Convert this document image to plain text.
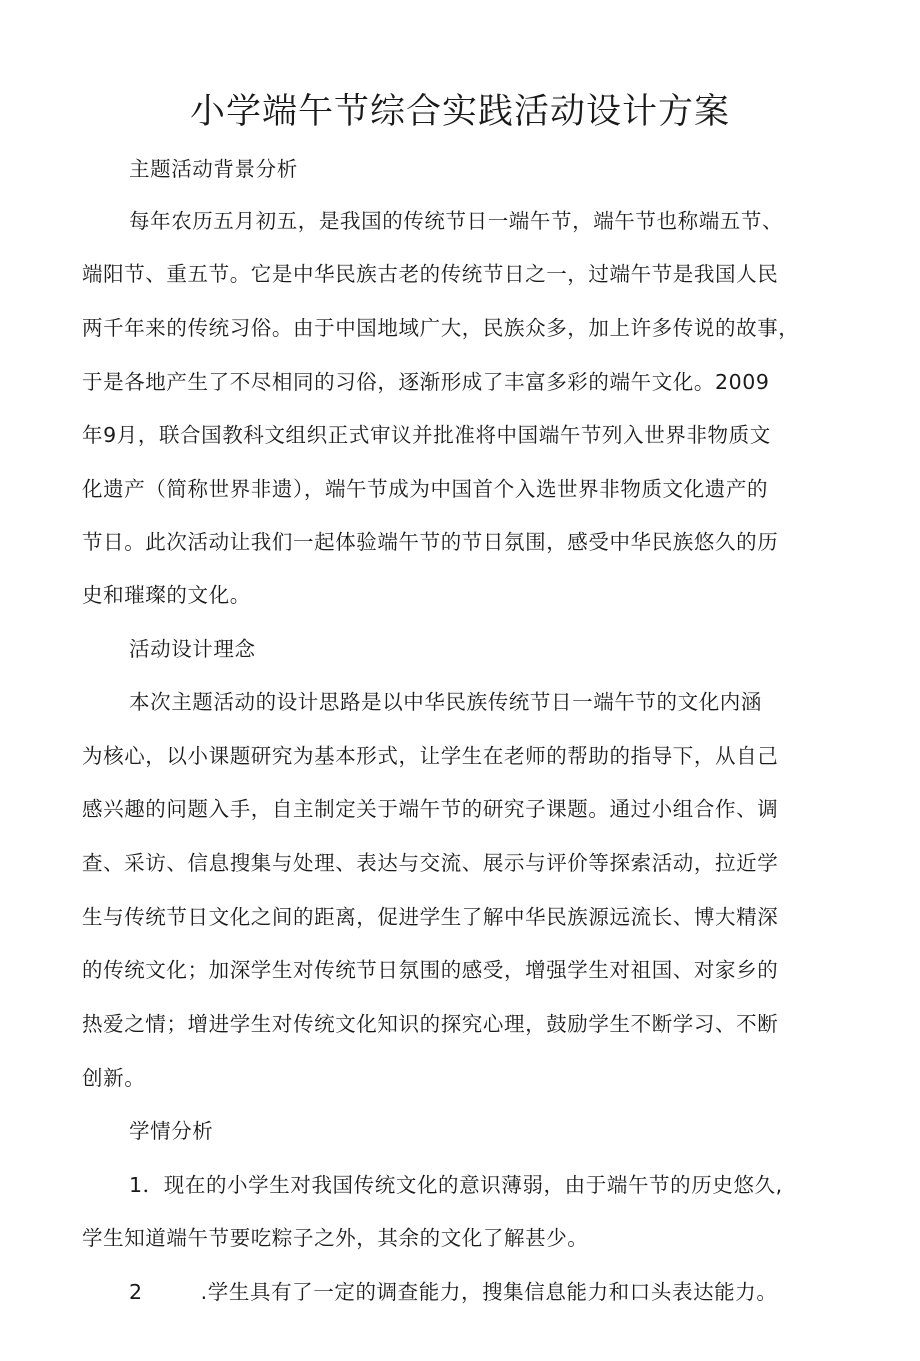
小学端午节综合实践活动设计方案

主题活动背景分析

每年农历五月初五，是我国的传统节日一端午节，端午节也称端五节、

端阳节、重五节。它是中华民族古老的传统节日之一，过端午节是我国人民

两千年来的传统习俗。由于中国地域广大，民族众多，加上许多传说的故事，

于是各地产生了不尽相同的习俗，逐渐形成了丰富多彩的端午文化。2009

年9月，联合国教科文组织正式审议并批准将中国端午节列入世界非物质文

化遗产（简称世界非遗），端午节成为中国首个入选世界非物质文化遗产的

节日。此次活动让我们一起体验端午节的节日氛围，感受中华民族悠久的历

史和璀璨的文化。

活动设计理念

本次主题活动的设计思路是以中华民族传统节日一端午节的文化内涵

为核心，以小课题研究为基本形式，让学生在老师的帮助的指导下，从自己

感兴趣的问题入手，自主制定关于端午节的研究子课题。通过小组合作、调

查、采访、信息搜集与处理、表达与交流、展示与评价等探索活动，拉近学

生与传统节日文化之间的距离，促进学生了解中华民族源远流长、博大精深

的传统文化；加深学生对传统节日氛围的感受，增强学生对祖国、对家乡的

热爱之情；增进学生对传统文化知识的探究心理，鼓励学生不断学习、不断

创新。

学情分析

1．现在的小学生对我国传统文化的意识薄弱，由于端午节的历史悠久,

学生知道端午节要吃粽子之外，其余的文化了解甚少。

2	.学生具有了一定的调查能力，搜集信息能力和口头表达能力。
